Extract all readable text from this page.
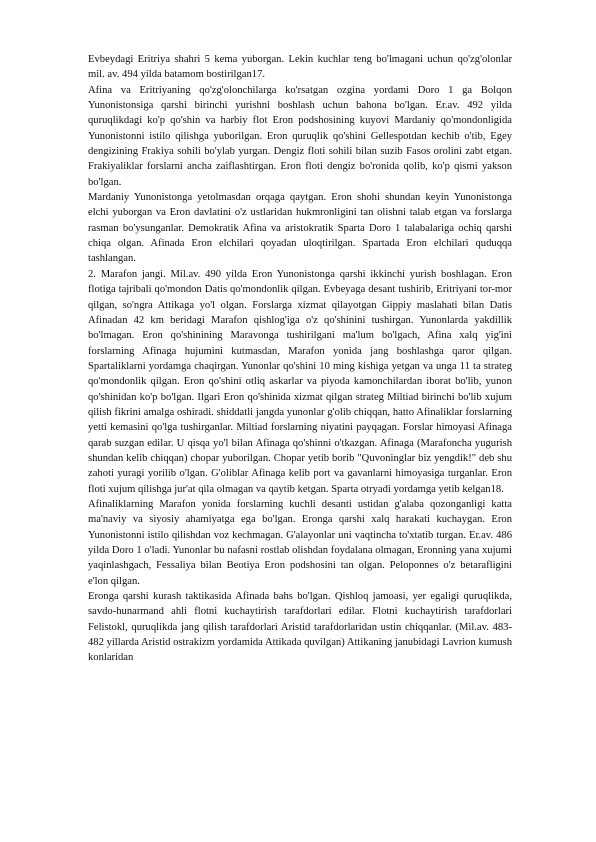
Evbeydagi Eritriya shahri 5 kema yuborgan. Lekin kuchlar teng bo'lmagani uchun qo'zg'olonlar mil. av. 494 yilda batamom bostirilgan17.

Afina va Eritriyaning qo'zg'olonchilarga ko'rsatgan ozgina yordami Doro 1 ga Bolqon Yunonistonsiga qarshi birinchi yurishni boshlash uchun bahona bo'lgan. Er.av. 492 yilda quruqlikdagi ko'p qo'shin va harbiy flot Eron podshosining kuyovi Mardaniy qo'mondonligida Yunonistonni istilo qilishga yuborilgan. Eron quruqlik qo'shini Gellespotdan kechib o'tib, Egey dengizining Frakiya sohili bo'ylab yurgan. Dengiz floti sohili bilan suzib Fasos orolini zabt etgan. Frakiyaliklar forslarni ancha zaiflashtirgan. Eron floti dengiz bo'ronida qolib, ko'p qismi yakson bo'lgan.

Mardaniy Yunonistonga yetolmasdan orqaga qaytgan. Eron shohi shundan keyin Yunonistonga elchi yuborgan va Eron davlatini o'z ustlaridan hukmronligini tan olishni talab etgan va forslarga rasman bo'ysunganlar. Demokratik Afina va aristokratik Sparta Doro 1 talabalariga ochiq qarshi chiqa olgan. Afinada Eron elchilari qoyadan uloqtirilgan. Spartada Eron elchilari quduqqa tashlangan.

2. Marafon jangi. Mil.av. 490 yilda Eron Yunonistonga qarshi ikkinchi yurish boshlagan. Eron flotiga tajribali qo'mondon Datis qo'mondonlik qilgan. Evbeyaga desant tushirib, Eritriyani tor-mor qilgan, so'ngra Attikaga yo'l olgan. Forslarga xizmat qilayotgan Gippiy maslahati bilan Datis Afinadan 42 km beridagi Marafon qishlog'iga o'z qo'shinini tushirgan. Yunonlarda yakdillik bo'lmagan. Eron qo'shinining Maravonga tushirilgani ma'lum bo'lgach, Afina xalq yig'ini forslarning Afinaga hujumini kutmasdan, Marafon yonida jang boshlashga qaror qilgan. Spartaliklarni yordamga chaqirgan. Yunonlar qo'shini 10 ming kishiga yetgan va unga 11 ta strateg qo'mondonlik qilgan. Eron qo'shini otliq askarlar va piyoda kamonchilardan iborat bo'lib, yunon qo'shinidan ko'p bo'lgan. Ilgari Eron qo'shinida xizmat qilgan strateg Miltiad birinchi bo'lib xujum qilish fikrini amalga oshiradi. shiddatli jangda yunonlar g'olib chiqqan, hatto Afinaliklar forslarning yetti kemasini qo'lga tushirganlar. Miltiad forslarning niyatini payqagan. Forslar himoyasi Afinaga qarab suzgan edilar. U qisqa yo'l bilan Afinaga qo'shinni o'tkazgan. Afinaga (Marafoncha yugurish shundan kelib chiqqan) chopar yuborilgan. Chopar yetib borib "Quvoninglar biz yengdik!" deb shu zahoti yuragi yorilib o'lgan. G'oliblar Afinaga kelib port va gavanlarni himoyasiga turganlar. Eron floti xujum qilishga jur'at qila olmagan va qaytib ketgan. Sparta otryadi yordamga yetib kelgan18.

Afinaliklarning Marafon yonida forslarning kuchli desanti ustidan g'alaba qozonganligi katta ma'naviy va siyosiy ahamiyatga ega bo'lgan. Eronga qarshi xalq harakati kuchaygan. Eron Yunonistonni istilo qilishdan voz kechmagan. G'alayonlar uni vaqtincha to'xtatib turgan. Er.av. 486 yilda Doro 1 o'ladi. Yunonlar bu nafasni rostlab olishdan foydalana olmagan, Eronning yana xujumi yaqinlashgach, Fessaliya bilan Beotiya Eron podshosini tan olgan. Peloponnes o'z betarafligini e'lon qilgan.

Eronga qarshi kurash taktikasida Afinada bahs bo'lgan. Qishloq jamoasi, yer egaligi quruqlikda, savdo-hunarmand ahli flotni kuchaytirish tarafdorlari edilar. Flotni kuchaytirish tarafdorlari Felistokl, quruqlikda jang qilish tarafdorlari Aristid tarafdorlaridan ustin chiqqanlar. (Mil.av. 483-482 yillarda Aristid ostrakizm yordamida Attikada quvilgan) Attikaning janubidagi Lavrion kumush konlaridan
